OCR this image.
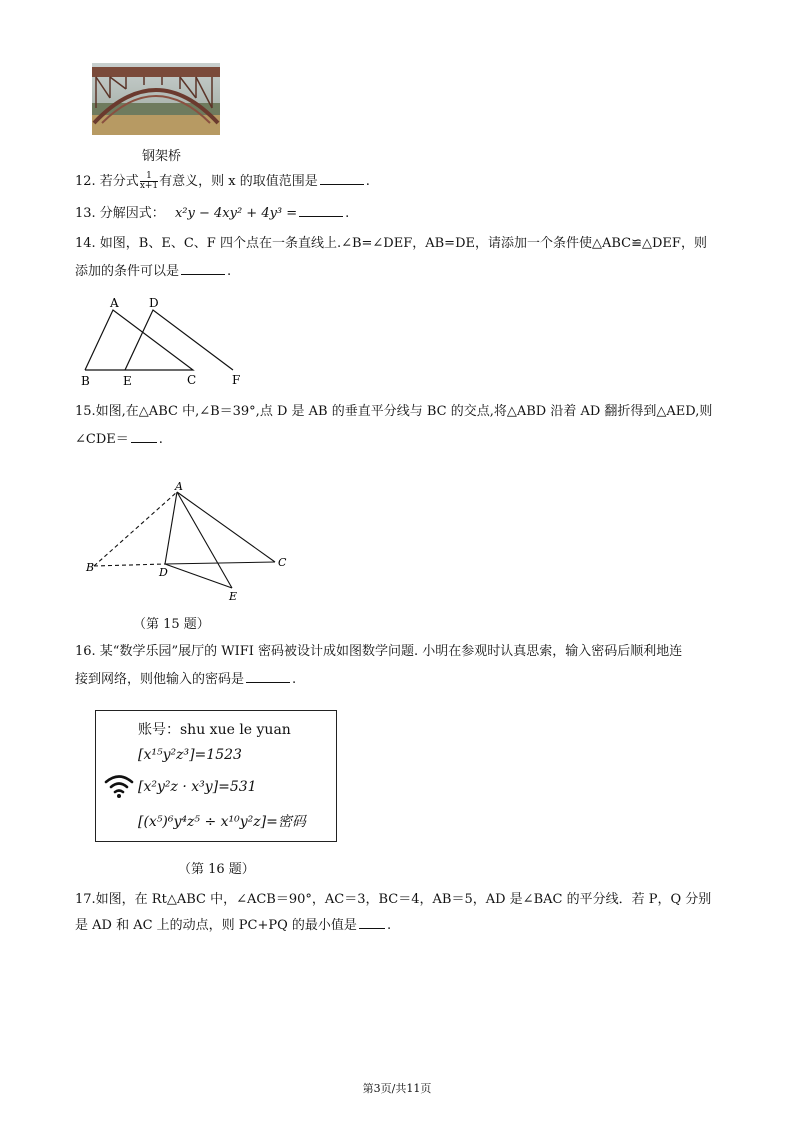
钢架桥
12. 若分式 $\frac{1}{x+1}$ 有意义，则 x 的取值范围是	.
13. 分解因式： x²y − 4xy² + 4y³ =	.
14. 如图，B、E、C、F 四个点在一条直线上.∠B=∠DEF，AB=DE，请添加一个条件使△ABC≌△DEF，则
添加的条件可以是	.
A	D
B	E	C	F
15.如图,在△ABC 中,∠B＝39°,点 D 是 AB 的垂直平分线与 BC 的交点,将△ABD 沿着 AD 翻折得到△AED,则
∠CDE＝ .
A
B	C
D
E
（第 15 题）
16. 某“数学乐园”展厅的 WIFI 密码被设计成如图数学问题. 小明在参观时认真思索，输入密码后顺利地连
接到网络，则他输入的密码是	.
账号：shu xue le yuan
[x¹⁵y²z³]=1523
[x²y²z · x³y]=531
[(x⁵)⁶y⁴z⁵ ÷ x¹⁰y²z]=密码
（第 16 题）
17.如图，在 Rt△ABC 中，∠ACB＝90°，AC＝3，BC＝4，AB＝5，AD 是∠BAC 的平分线．若 P，Q 分别
是 AD 和 AC 上的动点，则 PC+PQ 的最小值是 .
第3页/共11页
